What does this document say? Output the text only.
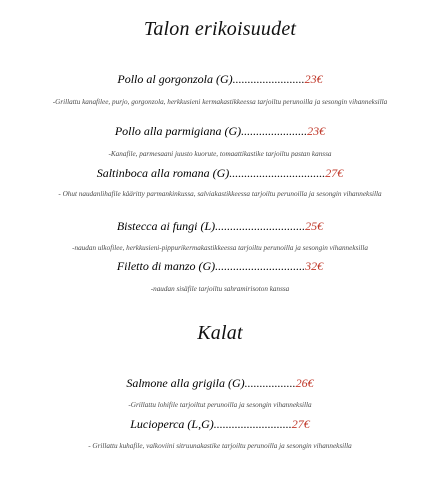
Talon erikoisuudet
Pollo al gorgonzola (G)........................23€
-Grillattu kanafilee, purjo, gorgonzola, herkkusieni kermakastikkeessa tarjoiltu perunoilla ja sesongin vihanneksilla
Pollo alla parmigiana (G)......................23€
-Kanafile, parmesaani juusto kuorute, tomaattikastike tarjoiltu pastan kanssa
Saltinboca alla romana (G)................................27€
- Ohut naudanlihafile kääritty parmankinkussa, salviakastikkeessa tarjoiltu perunoilla ja sesongin vihanneksilla
Bistecca ai fungi (L)..............................25€
-naudan ulkofilee, herkkusieni-pippurikermakastikkeessa tarjoiltu perunoilla ja sesongin vihanneksilla
Filetto di manzo (G)..............................32€
-naudan sisäfile tarjoiltu sahramirisoton kanssa
Kalat
Salmone alla grigila (G).................26€
-Grillattu lohifile tarjoiltut perunoilla ja sesongin vihanneksilla
Lucioperca (L,G)..........................27€
- Grillattu kuhafile, valkoviini sitruunakastike tarjoiltu perunoilla ja sesongin vihanneksilla
